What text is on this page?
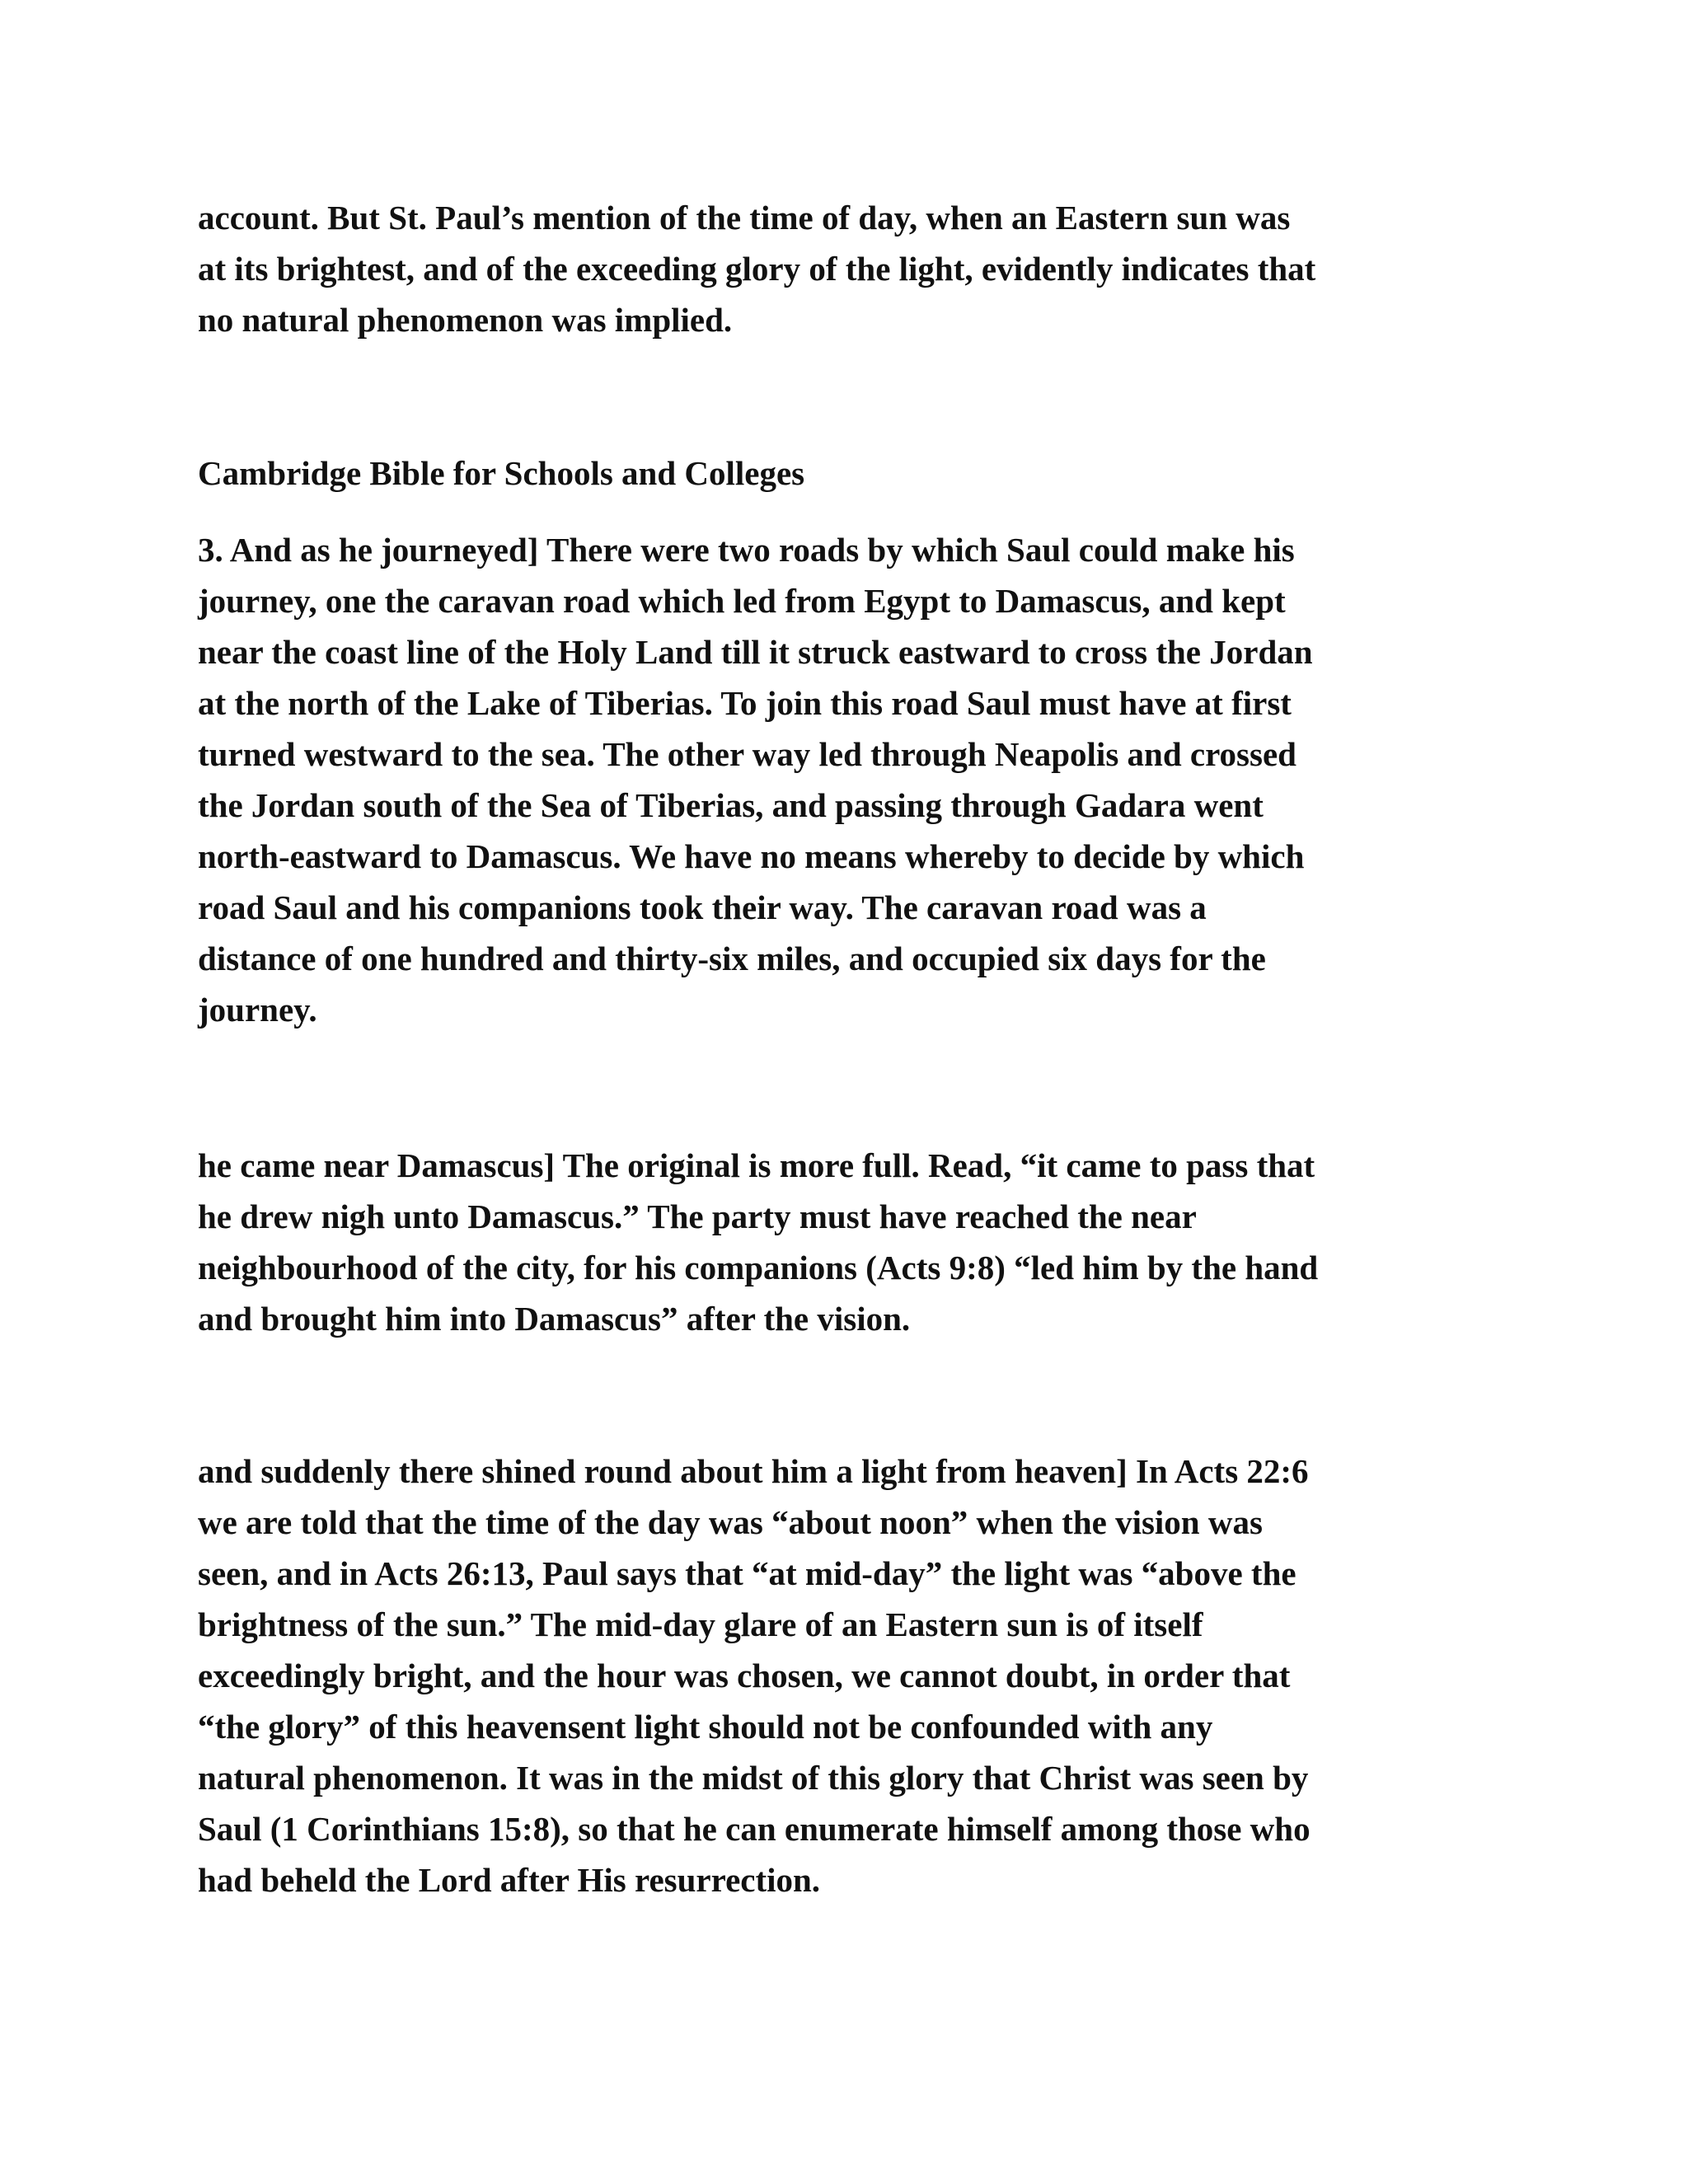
account. But St. Paul’s mention of the time of day, when an Eastern sun was
at its brightest, and of the exceeding glory of the light, evidently indicates that
no natural phenomenon was implied.
Cambridge Bible for Schools and Colleges
3. And as he journeyed] There were two roads by which Saul could make his
journey, one the caravan road which led from Egypt to Damascus, and kept
near the coast line of the Holy Land till it struck eastward to cross the Jordan
at the north of the Lake of Tiberias. To join this road Saul must have at first
turned westward to the sea. The other way led through Neapolis and crossed
the Jordan south of the Sea of Tiberias, and passing through Gadara went
north-eastward to Damascus. We have no means whereby to decide by which
road Saul and his companions took their way. The caravan road was a
distance of one hundred and thirty-six miles, and occupied six days for the
journey.
he came near Damascus] The original is more full. Read, “it came to pass that
he drew nigh unto Damascus.” The party must have reached the near
neighbourhood of the city, for his companions (Acts 9:8) “led him by the hand
and brought him into Damascus” after the vision.
and suddenly there shined round about him a light from heaven] In Acts 22:6
we are told that the time of the day was “about noon” when the vision was
seen, and in Acts 26:13, Paul says that “at mid-day” the light was “above the
brightness of the sun.” The mid-day glare of an Eastern sun is of itself
exceedingly bright, and the hour was chosen, we cannot doubt, in order that
“the glory” of this heavensent light should not be confounded with any
natural phenomenon. It was in the midst of this glory that Christ was seen by
Saul (1 Corinthians 15:8), so that he can enumerate himself among those who
had beheld the Lord after His resurrection.
